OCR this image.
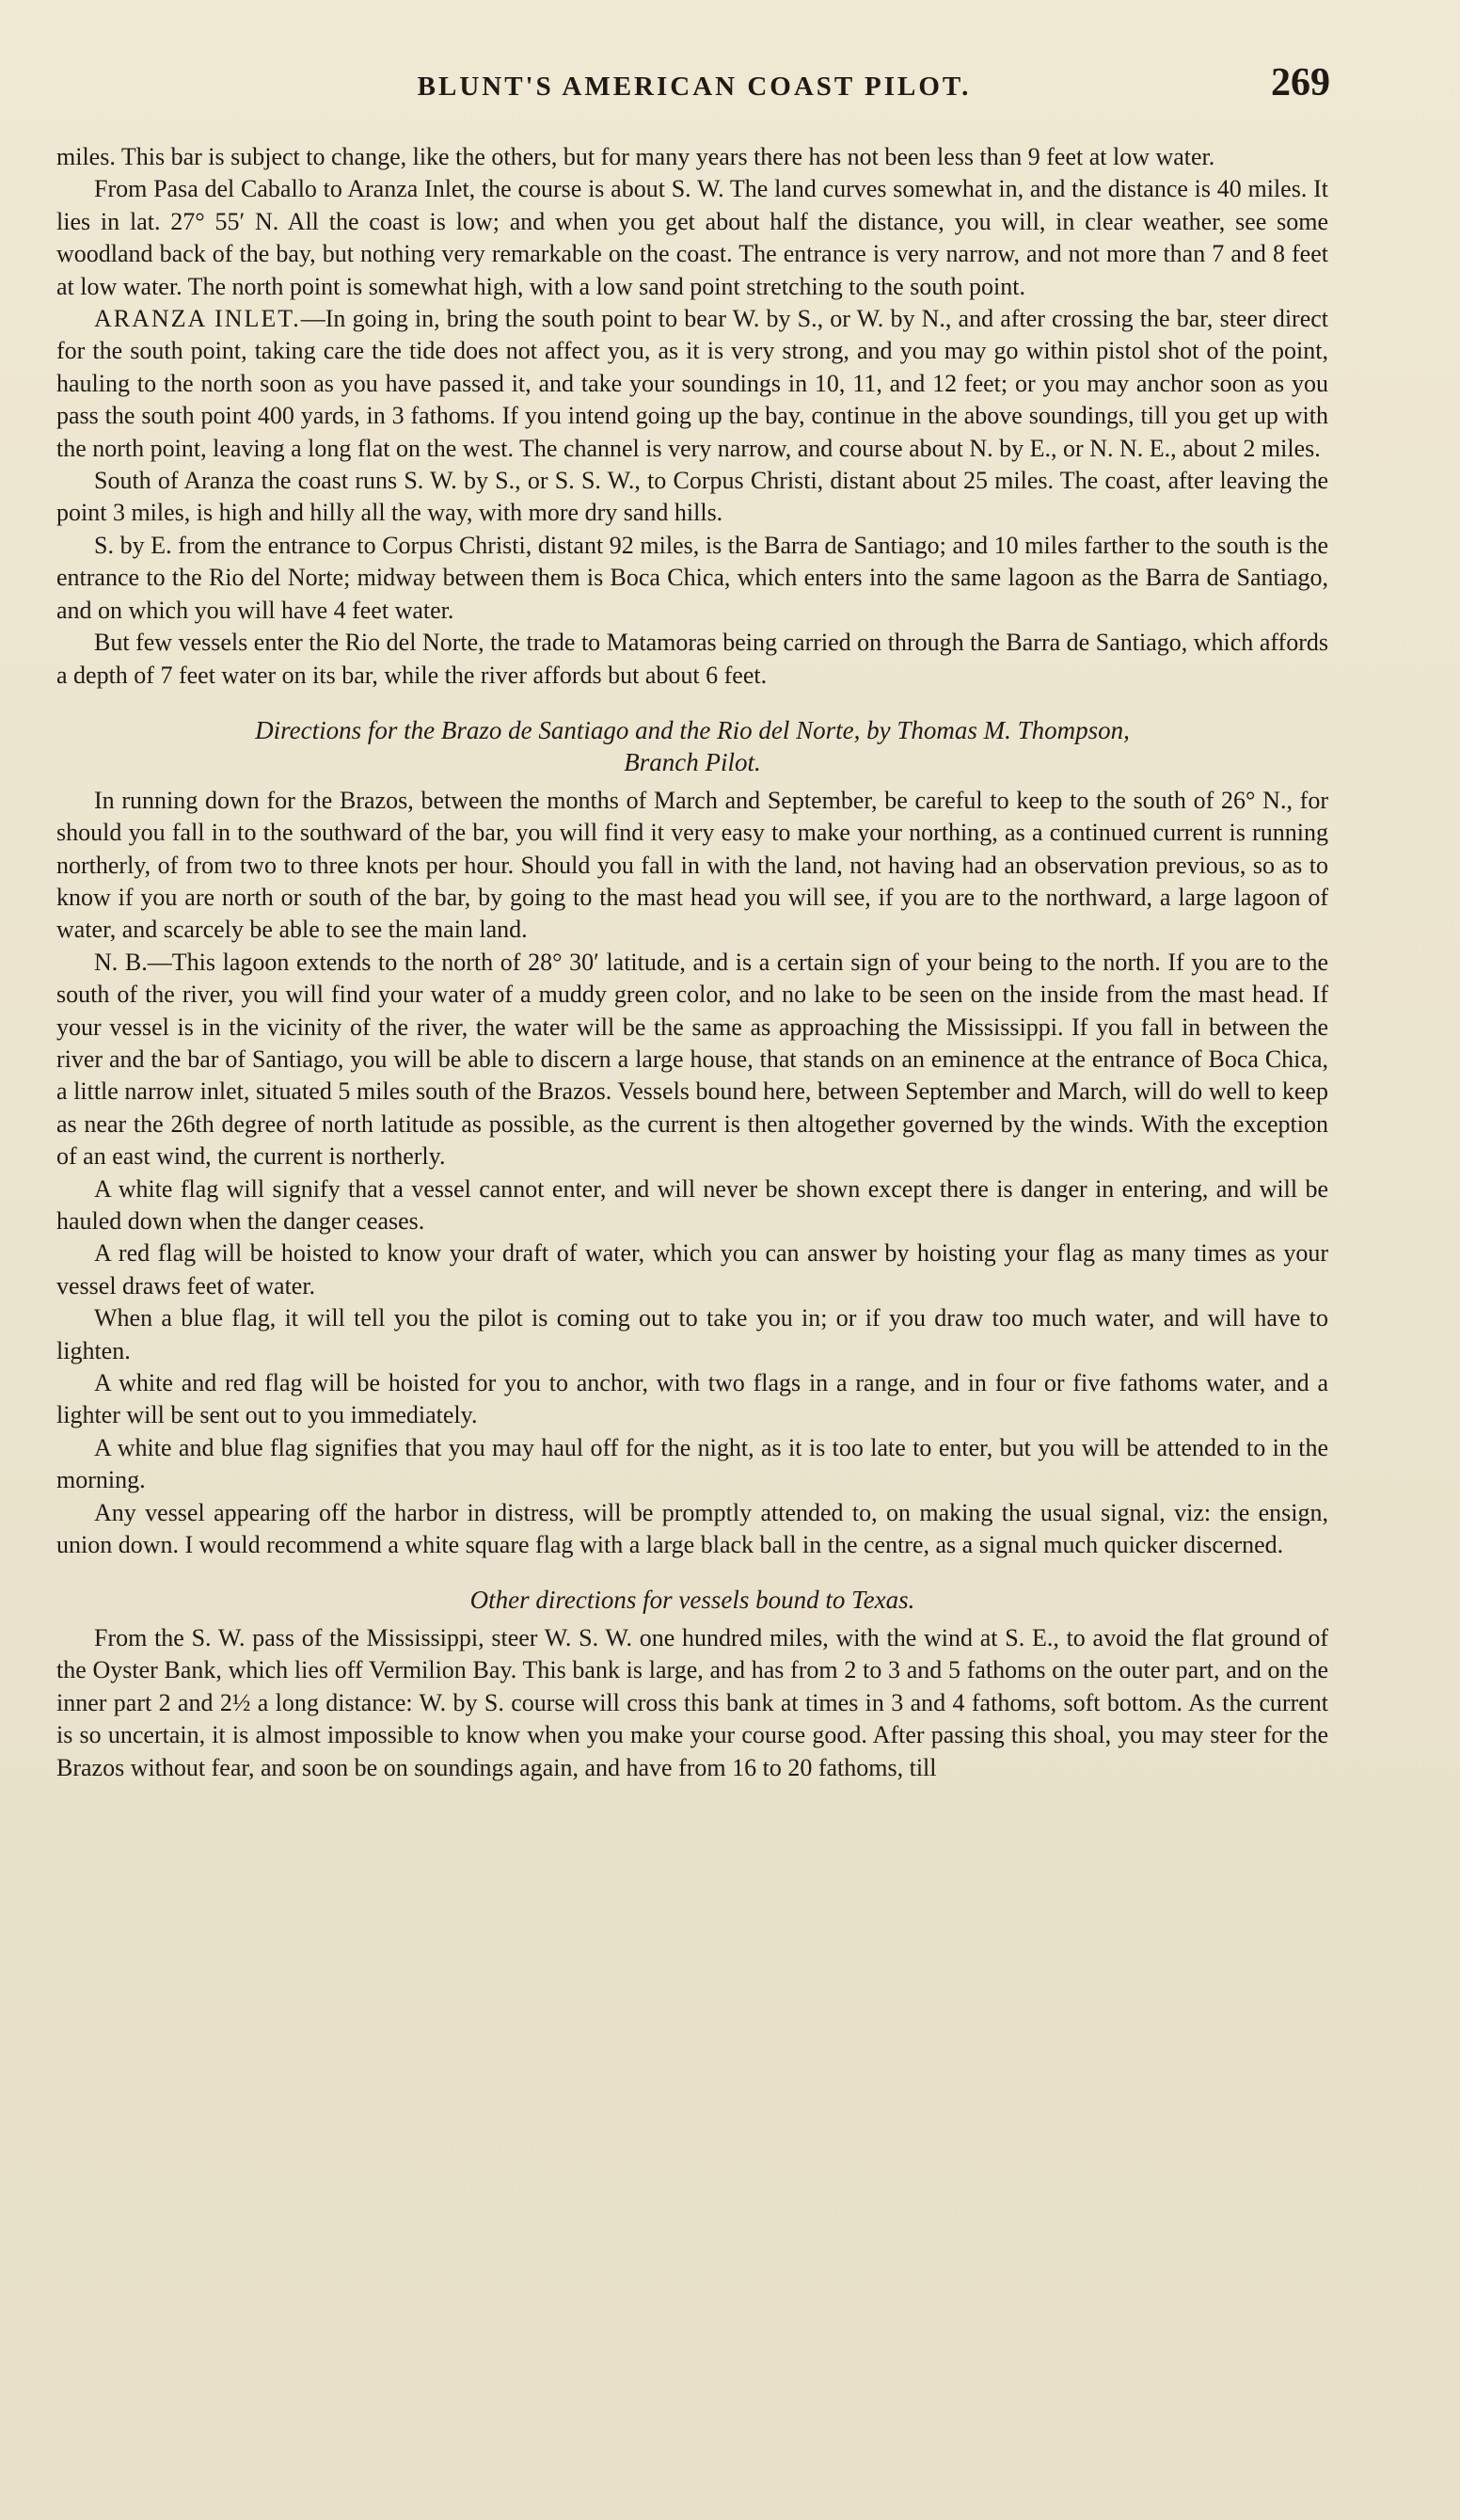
BLUNT'S AMERICAN COAST PILOT.	269

miles. This bar is subject to change, like the others, but for many years there has not been less than 9 feet at low water.

From Pasa del Caballo to Aranza Inlet, the course is about S. W. The land curves somewhat in, and the distance is 40 miles. It lies in lat. 27° 55′ N. All the coast is low; and when you get about half the distance, you will, in clear weather, see some woodland back of the bay, but nothing very remarkable on the coast. The entrance is very narrow, and not more than 7 and 8 feet at low water. The north point is somewhat high, with a low sand point stretching to the south point.

ARANZA INLET.—In going in, bring the south point to bear W. by S., or W. by N., and after crossing the bar, steer direct for the south point, taking care the tide does not affect you, as it is very strong, and you may go within pistol shot of the point, hauling to the north soon as you have passed it, and take your soundings in 10, 11, and 12 feet; or you may anchor soon as you pass the south point 400 yards, in 3 fathoms. If you intend going up the bay, continue in the above soundings, till you get up with the north point, leaving a long flat on the west. The channel is very narrow, and course about N. by E., or N. N. E., about 2 miles.

South of Aranza the coast runs S. W. by S., or S. S. W., to Corpus Christi, distant about 25 miles. The coast, after leaving the point 3 miles, is high and hilly all the way, with more dry sand hills.

S. by E. from the entrance to Corpus Christi, distant 92 miles, is the Barra de Santiago; and 10 miles farther to the south is the entrance to the Rio del Norte; midway between them is Boca Chica, which enters into the same lagoon as the Barra de Santiago, and on which you will have 4 feet water.

But few vessels enter the Rio del Norte, the trade to Matamoras being carried on through the Barra de Santiago, which affords a depth of 7 feet water on its bar, while the river affords but about 6 feet.

Directions for the Brazo de Santiago and the Rio del Norte, by Thomas M. Thompson,
Branch Pilot.

In running down for the Brazos, between the months of March and September, be careful to keep to the south of 26° N., for should you fall in to the southward of the bar, you will find it very easy to make your northing, as a continued current is running northerly, of from two to three knots per hour. Should you fall in with the land, not having had an observation previous, so as to know if you are north or south of the bar, by going to the mast head you will see, if you are to the northward, a large lagoon of water, and scarcely be able to see the main land.

N. B.—This lagoon extends to the north of 28° 30′ latitude, and is a certain sign of your being to the north. If you are to the south of the river, you will find your water of a muddy green color, and no lake to be seen on the inside from the mast head. If your vessel is in the vicinity of the river, the water will be the same as approaching the Mississippi. If you fall in between the river and the bar of Santiago, you will be able to discern a large house, that stands on an eminence at the entrance of Boca Chica, a little narrow inlet, situated 5 miles south of the Brazos. Vessels bound here, between September and March, will do well to keep as near the 26th degree of north latitude as possible, as the current is then altogether governed by the winds. With the exception of an east wind, the current is northerly.

A white flag will signify that a vessel cannot enter, and will never be shown except there is danger in entering, and will be hauled down when the danger ceases.

A red flag will be hoisted to know your draft of water, which you can answer by hoisting your flag as many times as your vessel draws feet of water.

When a blue flag, it will tell you the pilot is coming out to take you in; or if you draw too much water, and will have to lighten.

A white and red flag will be hoisted for you to anchor, with two flags in a range, and in four or five fathoms water, and a lighter will be sent out to you immediately.

A white and blue flag signifies that you may haul off for the night, as it is too late to enter, but you will be attended to in the morning.

Any vessel appearing off the harbor in distress, will be promptly attended to, on making the usual signal, viz: the ensign, union down. I would recommend a white square flag with a large black ball in the centre, as a signal much quicker discerned.

Other directions for vessels bound to Texas.

From the S. W. pass of the Mississippi, steer W. S. W. one hundred miles, with the wind at S. E., to avoid the flat ground of the Oyster Bank, which lies off Vermilion Bay. This bank is large, and has from 2 to 3 and 5 fathoms on the outer part, and on the inner part 2 and 2½ a long distance: W. by S. course will cross this bank at times in 3 and 4 fathoms, soft bottom. As the current is so uncertain, it is almost impossible to know when you make your course good. After passing this shoal, you may steer for the Brazos without fear, and soon be on soundings again, and have from 16 to 20 fathoms, till
